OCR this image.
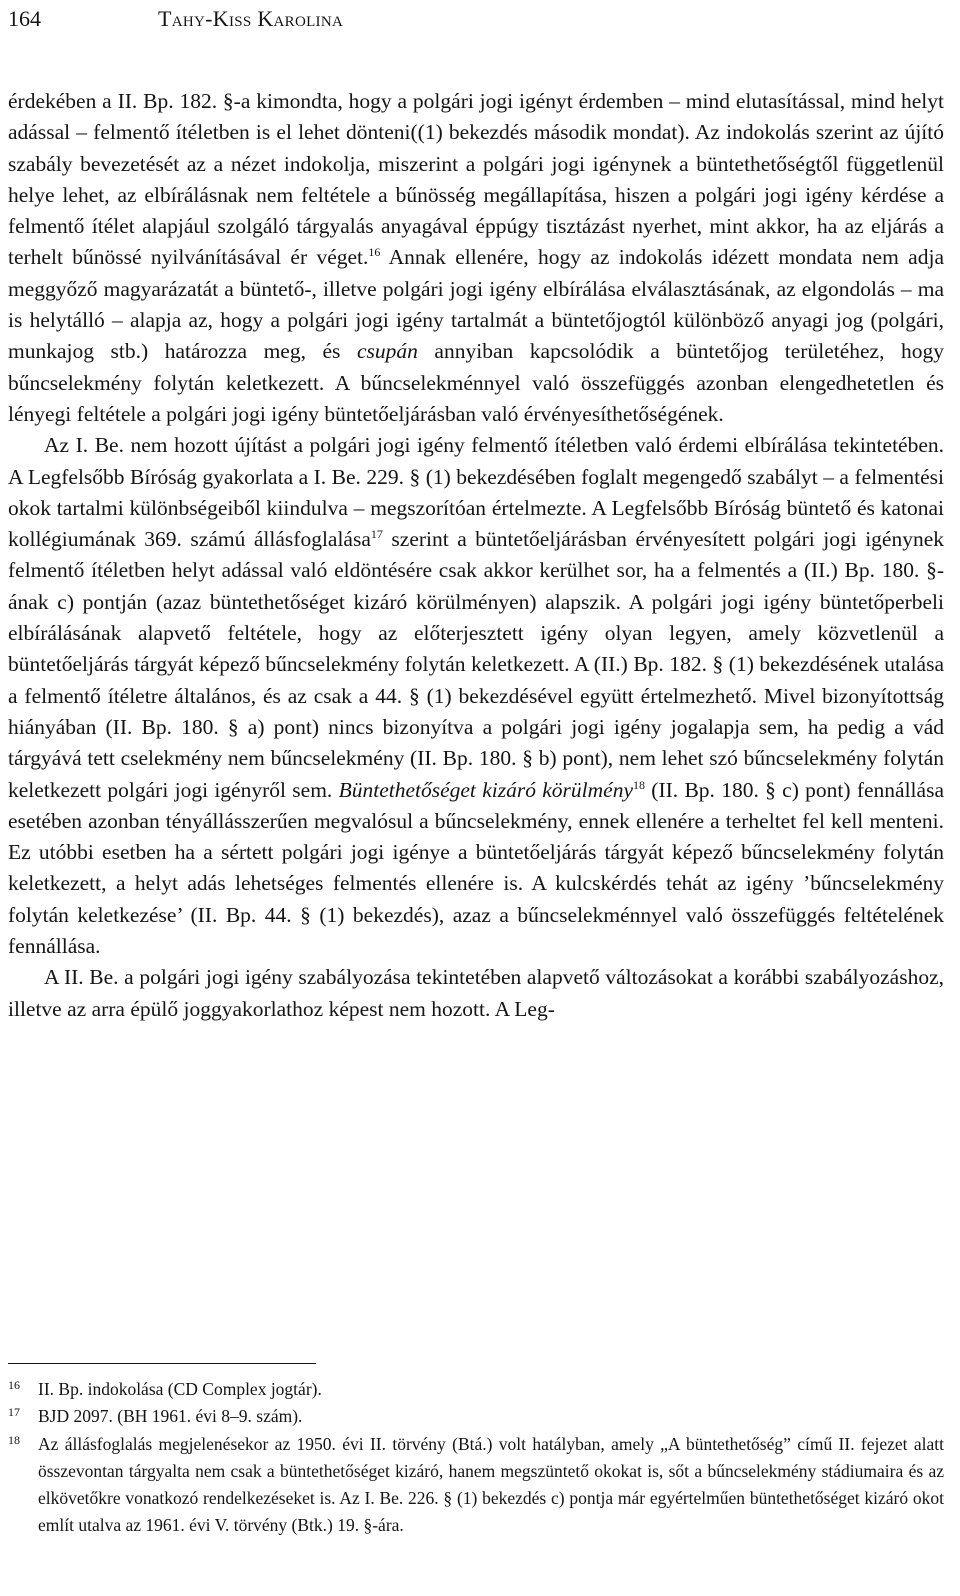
164	Tahy-Kiss Karolina

érdekében a II. Bp. 182. §-a kimondta, hogy a polgári jogi igényt érdemben – mind elutasítással, mind helyt adással – felmentő ítéletben is el lehet dönteni((1) bekezdés második mondat). Az indokolás szerint az újító szabály bevezetését az a nézet indokolja, miszerint a polgári jogi igénynek a büntethetőségtől függetlenül helye lehet, az elbírálásnak nem feltétele a bűnösség megállapítása, hiszen a polgári jogi igény kérdése a felmentő ítélet alapjául szolgáló tárgyalás anyagával éppúgy tisztázást nyerhet, mint akkor, ha az eljárás a terhelt bűnössé nyilvánításával ér véget.$^{16}$ Annak ellenére, hogy az indokolás idézett mondata nem adja meggyőző magyarázatát a büntető-, illetve polgári jogi igény elbírálása elválasztásának, az elgondolás – ma is helytálló – alapja az, hogy a polgári jogi igény tartalmát a büntetőjogtól különböző anyagi jog (polgári, munkajog stb.) határozza meg, és csupán annyiban kapcsolódik a büntetőjog területéhez, hogy bűncselekmény folytán keletkezett. A bűncselekménnyel való összefüggés azonban elengedhetetlen és lényegi feltétele a polgári jogi igény büntetőeljárásban való érvényesíthetőségének.

Az I. Be. nem hozott újítást a polgári jogi igény felmentő ítéletben való érdemi elbírálása tekintetében. A Legfelsőbb Bíróság gyakorlata a I. Be. 229. § (1) bekezdésében foglalt megengedő szabályt – a felmentési okok tartalmi különbségeiből kiindulva – megszorítóan értelmezte. A Legfelsőbb Bíróság büntető és katonai kollégiumának 369. számú állásfoglalása$^{17}$ szerint a büntetőeljárásban érvényesített polgári jogi igénynek felmentő ítéletben helyt adással való eldöntésére csak akkor kerülhet sor, ha a felmentés a (II.) Bp. 180. §-ának c) pontján (azaz büntethetőséget kizáró körülményen) alapszik. A polgári jogi igény büntetőperbeli elbírálásának alapvető feltétele, hogy az előterjesztett igény olyan legyen, amely közvetlenül a büntetőeljárás tárgyát képező bűncselekmény folytán keletkezett. A (II.) Bp. 182. § (1) bekezdésének utalása a felmentő ítéletre általános, és az csak a 44. § (1) bekezdésével együtt értelmezhető. Mivel bizonyítottság hiányában (II. Bp. 180. § a) pont) nincs bizonyítva a polgári jogi igény jogalapja sem, ha pedig a vád tárgyává tett cselekmény nem bűncselekmény (II. Bp. 180. § b) pont), nem lehet szó bűncselekmény folytán keletkezett polgári jogi igényről sem. Büntethetőséget kizáró körülmény$^{18}$ (II. Bp. 180. § c) pont) fennállása esetében azonban tényállásszerűen megvalósul a bűncselekmény, ennek ellenére a terheltet fel kell menteni. Ez utóbbi esetben ha a sértett polgári jogi igénye a büntetőeljárás tárgyát képező bűncselekmény folytán keletkezett, a helyt adás lehetséges felmentés ellenére is. A kulcskérdés tehát az igény ’bűncselekmény folytán keletkezése’ (II. Bp. 44. § (1) bekezdés), azaz a bűncselekménnyel való összefüggés feltételének fennállása.

A II. Be. a polgári jogi igény szabályozása tekintetében alapvető változásokat a korábbi szabályozáshoz, illetve az arra épülő joggyakorlathoz képest nem hozott. A Leg-

16 II. Bp. indokolása (CD Complex jogtár).
17 BJD 2097. (BH 1961. évi 8–9. szám).
18 Az állásfoglalás megjelenésekor az 1950. évi II. törvény (Btá.) volt hatályban, amely „A büntethetőség” című II. fejezet alatt összevontan tárgyalta nem csak a büntethetőséget kizáró, hanem megszüntető okokat is, sőt a bűncselekmény stádiumaira és az elkövetőkre vonatkozó rendelkezéseket is. Az I. Be. 226. § (1) bekezdés c) pontja már egyértelműen büntethetőséget kizáró okot említ utalva az 1961. évi V. törvény (Btk.) 19. §-ára.
